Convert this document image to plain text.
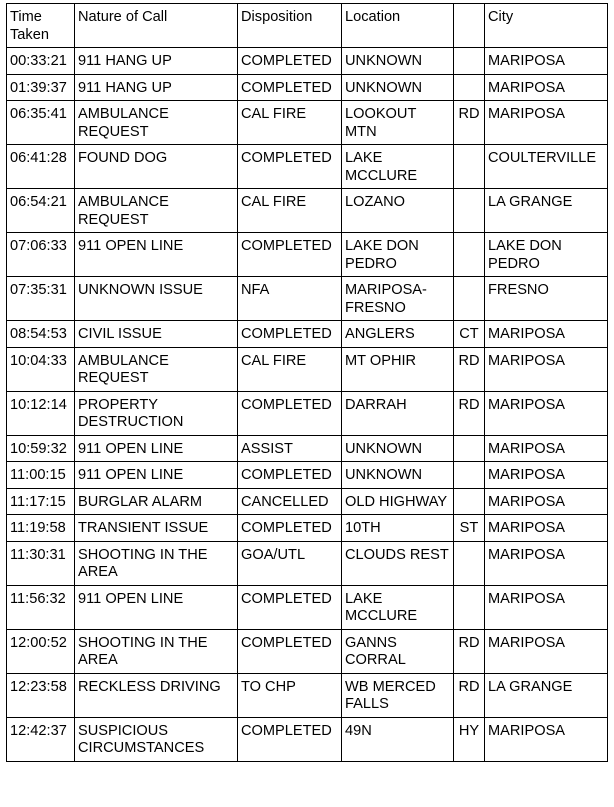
Time
Taken	Nature of Call	Disposition	Location		City
00:33:21	911 HANG UP	COMPLETED	UNKNOWN		MARIPOSA
01:39:37	911 HANG UP	COMPLETED	UNKNOWN		MARIPOSA
06:35:41	AMBULANCE REQUEST	CAL FIRE	LOOKOUT MTN	RD	MARIPOSA
06:41:28	FOUND DOG	COMPLETED	LAKE MCCLURE		COULTERVILLE
06:54:21	AMBULANCE REQUEST	CAL FIRE	LOZANO		LA GRANGE
07:06:33	911 OPEN LINE	COMPLETED	LAKE DON PEDRO		LAKE DON PEDRO
07:35:31	UNKNOWN ISSUE	NFA	MARIPOSA-FRESNO		FRESNO
08:54:53	CIVIL ISSUE	COMPLETED	ANGLERS	CT	MARIPOSA
10:04:33	AMBULANCE REQUEST	CAL FIRE	MT OPHIR	RD	MARIPOSA
10:12:14	PROPERTY DESTRUCTION	COMPLETED	DARRAH	RD	MARIPOSA
10:59:32	911 OPEN LINE	ASSIST	UNKNOWN		MARIPOSA
11:00:15	911 OPEN LINE	COMPLETED	UNKNOWN		MARIPOSA
11:17:15	BURGLAR ALARM	CANCELLED	OLD HIGHWAY		MARIPOSA
11:19:58	TRANSIENT ISSUE	COMPLETED	10TH	ST	MARIPOSA
11:30:31	SHOOTING IN THE AREA	GOA/UTL	CLOUDS REST		MARIPOSA
11:56:32	911 OPEN LINE	COMPLETED	LAKE MCCLURE		MARIPOSA
12:00:52	SHOOTING IN THE AREA	COMPLETED	GANNS CORRAL	RD	MARIPOSA
12:23:58	RECKLESS DRIVING	TO CHP	WB MERCED FALLS	RD	LA GRANGE
12:42:37	SUSPICIOUS CIRCUMSTANCES	COMPLETED	49N	HY	MARIPOSA
